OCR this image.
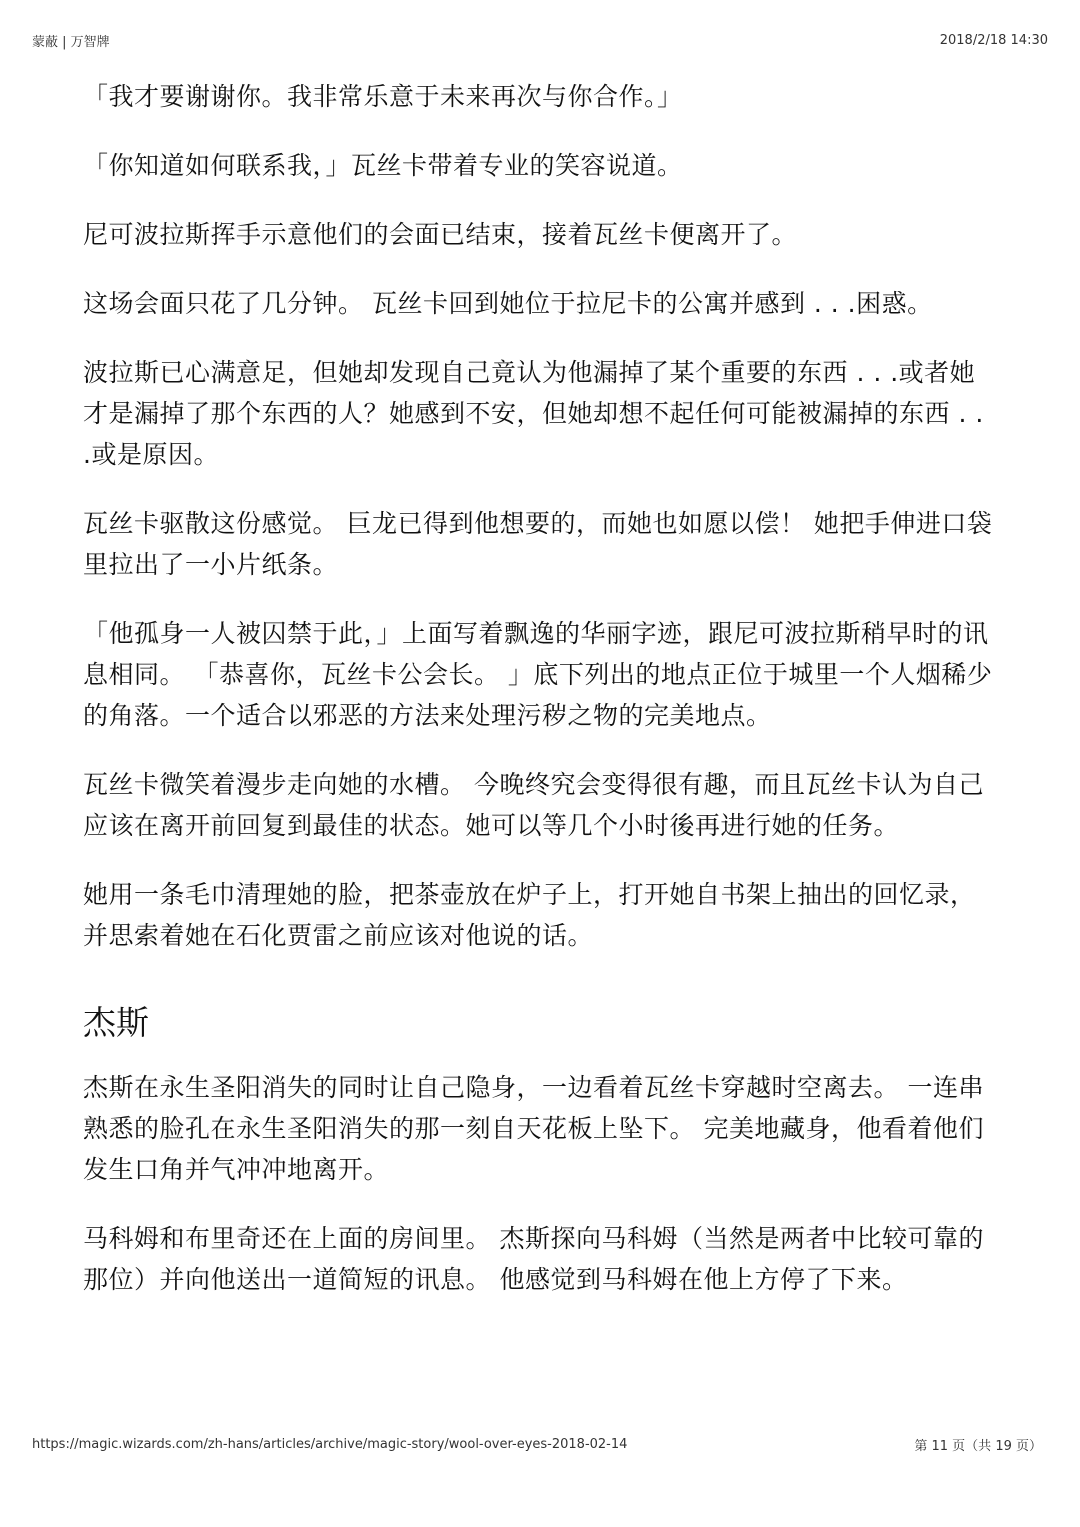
蒙蔽 | 万智牌	2018/2/18 14:30

「我才要谢谢你。我非常乐意于未来再次与你合作。」

「你知道如何联系我，」瓦丝卡带着专业的笑容说道。

尼可波拉斯挥手示意他们的会面已结束，接着瓦丝卡便离开了。

这场会面只花了几分钟。 瓦丝卡回到她位于拉尼卡的公寓并感到 . . .困惑。

波拉斯已心满意足，但她却发现自己竟认为他漏掉了某个重要的东西 . . .或者她才是漏掉了那个东西的人？她感到不安，但她却想不起任何可能被漏掉的东西 . . .或是原因。

瓦丝卡驱散这份感觉。 巨龙已得到他想要的，而她也如愿以偿！ 她把手伸进口袋里拉出了一小片纸条。

「他孤身一人被囚禁于此，」上面写着飘逸的华丽字迹，跟尼可波拉斯稍早时的讯息相同。 「恭喜你，瓦丝卡公会长。 」底下列出的地点正位于城里一个人烟稀少的角落。一个适合以邪恶的方法来处理污秽之物的完美地点。

瓦丝卡微笑着漫步走向她的水槽。 今晚终究会变得很有趣，而且瓦丝卡认为自己应该在离开前回复到最佳的状态。她可以等几个小时後再进行她的任务。

她用一条毛巾清理她的脸，把茶壶放在炉子上，打开她自书架上抽出的回忆录，并思索着她在石化贾雷之前应该对他说的话。

杰斯

杰斯在永生圣阳消失的同时让自己隐身，一边看着瓦丝卡穿越时空离去。 一连串熟悉的脸孔在永生圣阳消失的那一刻自天花板上坠下。 完美地藏身，他看着他们发生口角并气冲冲地离开。

马科姆和布里奇还在上面的房间里。 杰斯探向马科姆（当然是两者中比较可靠的那位）并向他送出一道简短的讯息。 他感觉到马科姆在他上方停了下来。

https://magic.wizards.com/zh-hans/articles/archive/magic-story/wool-over-eyes-2018-02-14	第 11 页（共 19 页）
